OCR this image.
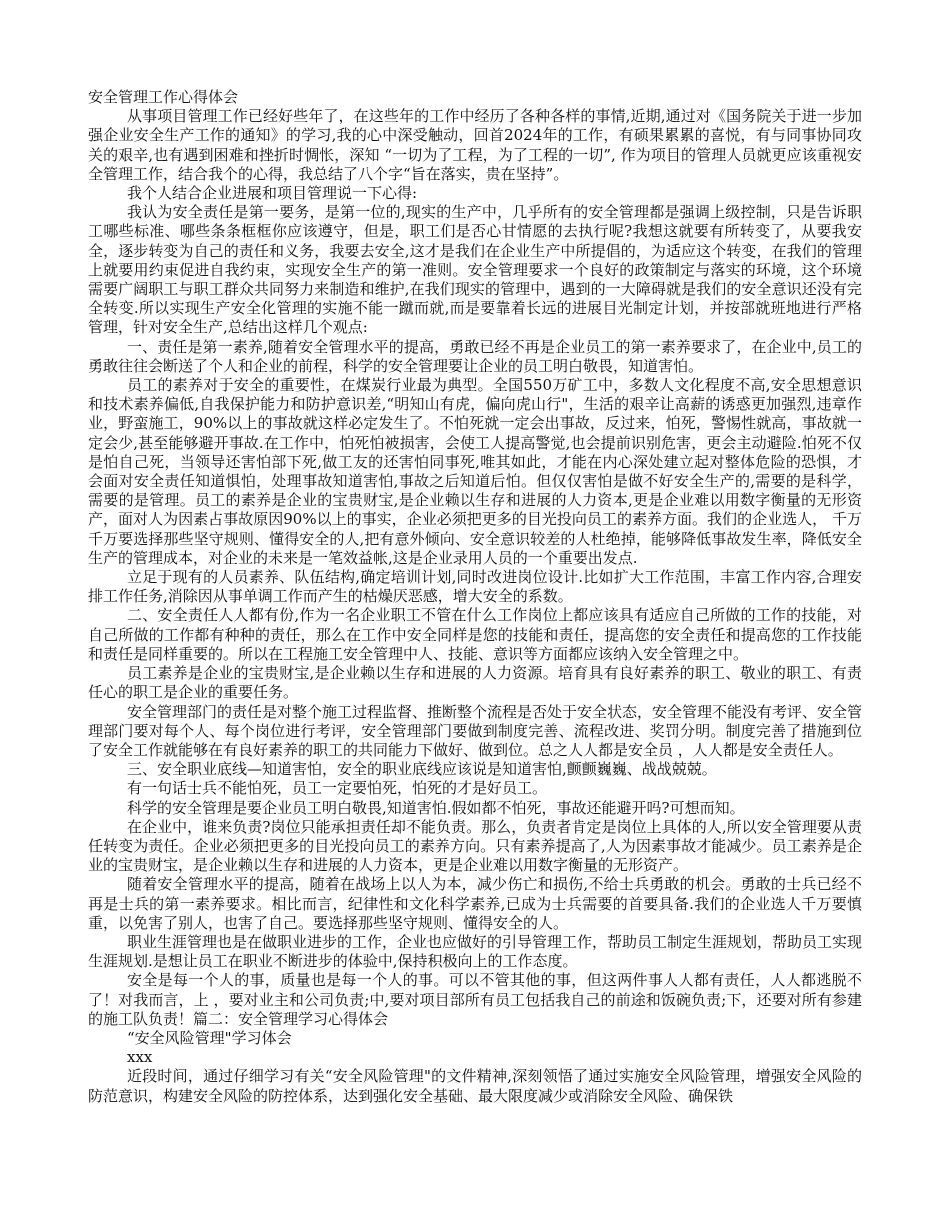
安全管理工作心得体会

从事项目管理工作已经好些年了，在这些年的工作中经历了各种各样的事情,近期,通过对《国务院关于进一步加强企业安全生产工作的通知》的学习,我的心中深受触动，回首2024年的工作，有硕果累累的喜悦，有与同事协同攻关的艰辛,也有遇到困难和挫折时惆怅，深知 “一切为了工程，为了工程的一切”, 作为项目的管理人员就更应该重视安全管理工作，结合我个的心得，我总结了八个字“旨在落实，贵在坚持”。

我个人结合企业进展和项目管理说一下心得:

我认为安全责任是第一要务，是第一位的,现实的生产中，几乎所有的安全管理都是强调上级控制，只是告诉职工哪些标准、哪些条条框框你应该遵守，但是，职工们是否心甘情愿的去执行呢?我想这就要有所转变了，从要我安全，逐步转变为自己的责任和义务，我要去安全,这才是我们在企业生产中所提倡的，为适应这个转变，在我们的管理上就要用约束促进自我约束，实现安全生产的第一准则。安全管理要求一个良好的政策制定与落实的环境，这个环境需要广阔职工与职工群众共同努力来制造和维护,在我们现实的管理中，遇到的一大障碍就是我们的安全意识还没有完全转变.所以实现生产安全化管理的实施不能一蹴而就,而是要靠着长远的进展目光制定计划，并按部就班地进行严格管理，针对安全生产,总结出这样几个观点:

一、责任是第一素养,随着安全管理水平的提高，勇敢已经不再是企业员工的第一素养要求了，在企业中,员工的勇敢往往会断送了个人和企业的前程，科学的安全管理要让企业的员工明白敬畏，知道害怕。

员工的素养对于安全的重要性，在煤炭行业最为典型。全国550万矿工中，多数人文化程度不高,安全思想意识和技术素养偏低,自我保护能力和防护意识差,“明知山有虎，偏向虎山行"，生活的艰辛让高薪的诱惑更加强烈,违章作业，野蛮施工，90%以上的事故就这样必定发生了。不怕死就一定会出事故，反过来，怕死，警惕性就高，事故就一定会少,甚至能够避开事故.在工作中，怕死怕被损害，会使工人提高警觉,也会提前识别危害，更会主动避险.怕死不仅是怕自己死，当领导还害怕部下死,做工友的还害怕同事死,唯其如此，才能在内心深处建立起对整体危险的恐惧，才会面对安全责任知道惧怕，处理事故知道害怕,事故之后知道后怕。但仅仅害怕是做不好安全生产的,需要的是科学，需要的是管理。员工的素养是企业的宝贵财宝,是企业赖以生存和进展的人力资本,更是企业难以用数字衡量的无形资产，面对人为因素占事故原因90%以上的事实，企业必须把更多的目光投向员工的素养方面。我们的企业选人， 千万千万要选择那些坚守规则、懂得安全的人,把有意外倾向、安全意识较差的人杜绝掉，能够降低事故发生率，降低安全生产的管理成本，对企业的未来是一笔效益帐,这是企业录用人员的一个重要出发点.

立足于现有的人员素养、队伍结构,确定培训计划,同时改进岗位设计.比如扩大工作范围，丰富工作内容,合理安排工作任务,消除因从事单调工作而产生的枯燥厌恶感，增大安全的系数。

二、安全责任人人都有份,作为一名企业职工不管在什么工作岗位上都应该具有适应自己所做的工作的技能，对自己所做的工作都有种种的责任，那么在工作中安全同样是您的技能和责任，提高您的安全责任和提高您的工作技能和责任是同样重要的。所以在工程施工安全管理中人、技能、意识等方面都应该纳入安全管理之中。

员工素养是企业的宝贵财宝,是企业赖以生存和进展的人力资源。培育具有良好素养的职工、敬业的职工、有责任心的职工是企业的重要任务。

安全管理部门的责任是对整个施工过程监督、推断整个流程是否处于安全状态，安全管理不能没有考评、安全管理部门要对每个人、每个岗位进行考评，安全管理部门要做到制度完善、流程改进、奖罚分明。制度完善了措施到位了安全工作就能够在有良好素养的职工的共同能力下做好、做到位。总之人人都是安全员 ，人人都是安全责任人。

三、安全职业底线—知道害怕，安全的职业底线应该说是知道害怕,颤颤巍巍、战战兢兢。

有一句话士兵不能怕死，员工一定要怕死，怕死的才是好员工。

科学的安全管理是要企业员工明白敬畏,知道害怕.假如都不怕死，事故还能避开吗?可想而知。

在企业中，谁来负责?岗位只能承担责任却不能负责。那么，负责者肯定是岗位上具体的人,所以安全管理要从责任转变为责任。企业必须把更多的目光投向员工的素养方向。只有素养提高了,人为因素事故才能减少。员工素养是企业的宝贵财宝，是企业赖以生存和进展的人力资本，更是企业难以用数字衡量的无形资产。

随着安全管理水平的提高，随着在战场上以人为本，减少伤亡和损伤,不给士兵勇敢的机会。勇敢的士兵已经不再是士兵的第一素养要求。相比而言，纪律性和文化科学素养,已成为士兵需要的首要具备.我们的企业选人千万要慎重，以免害了别人，也害了自己。要选择那些坚守规则、懂得安全的人。

职业生涯管理也是在做职业进步的工作，企业也应做好的引导管理工作，帮助员工制定生涯规划，帮助员工实现生涯规划.是想让员工在职业不断进步的体验中,保持积极向上的工作态度。

安全是每一个人的事，质量也是每一个人的事。可以不管其他的事，但这两件事人人都有责任，人人都逃脱不了！对我而言，上 ，要对业主和公司负责;中,要对项目部所有员工包括我自己的前途和饭碗负责;下，还要对所有参建的施工队负责！篇二：安全管理学习心得体会

“安全风险管理"学习体会

xxx

近段时间，通过仔细学习有关“安全风险管理"的文件精神,深刻领悟了通过实施安全风险管理，增强安全风险的防范意识，构建安全风险的防控体系，达到强化安全基础、最大限度减少或消除安全风险、确保铁
